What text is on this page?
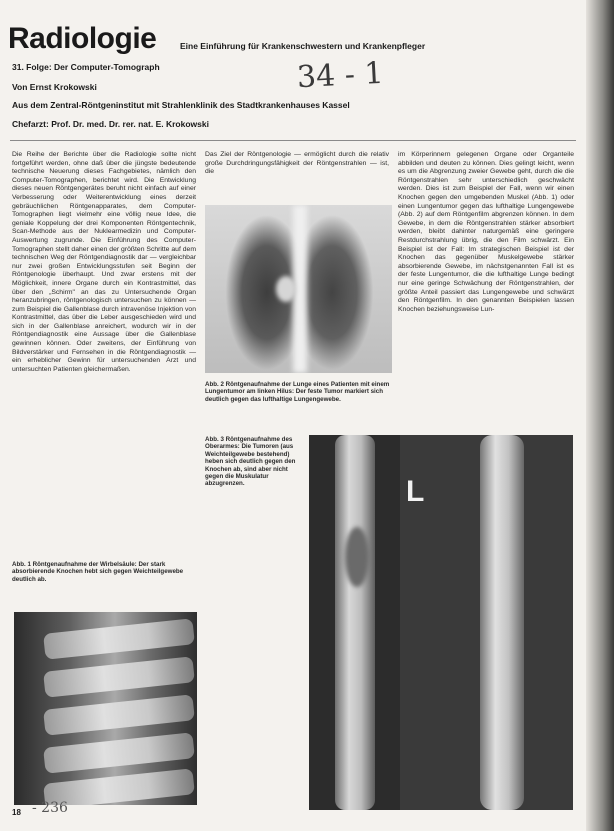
Radiologie	Eine Einführung für Krankenschwestern und Krankenpfleger
34 - 1
31. Folge: Der Computer-Tomograph
Von Ernst Krokowski
Aus dem Zentral-Röntgeninstitut mit Strahlenklinik des Stadtkrankenhauses Kassel
Chefarzt: Prof. Dr. med. Dr. rer. nat. E. Krokowski

Die Reihe der Berichte über die Radiologie sollte nicht fortgeführt werden, ohne daß über die jüngste bedeutende technische Neuerung dieses Fachgebietes, nämlich den Computer-Tomographen, berichtet wird. Die Entwicklung dieses neuen Röntgengerätes beruht nicht einfach auf einer Verbesserung oder Weiterentwicklung eines derzeit gebräuchlichen Röntgenapparates, dem Computer-Tomographen liegt vielmehr eine völlig neue Idee, die geniale Koppelung der drei Komponenten Röntgentechnik, Scan-Methode aus der Nuklearmedizin und Computer-Auswertung zugrunde. Die Einführung des Computer-Tomographen stellt daher einen der größten Schritte auf dem technischen Weg der Röntgendiagnostik dar — vergleichbar nur zwei großen Entwicklungsstufen seit Beginn der Röntgenologie überhaupt. Und zwar erstens mit der Möglichkeit, innere Organe durch ein Kontrastmittel, das über den „Schirm" an das zu Untersuchende Organ heranzubringen, röntgenologisch untersuchen zu können — zum Beispiel die Gallenblase durch intravenöse Injektion von Kontrastmittel, das über die Leber ausgeschieden wird und sich in der Gallenblase anreichert, wodurch wir in der Röntgendiagnostik eine Aussage über die Gallenblase gewinnen können. Oder zweitens, der Einführung von Bildverstärker und Fernsehen in die Röntgendiagnostik — ein erheblicher Gewinn für untersuchenden Arzt und untersuchten Patienten gleichermaßen.

Das Ziel der Röntgenologie — ermöglicht durch die relativ große Durchdringungsfähigkeit der Röntgenstrahlen — ist, die

im Körperinnern gelegenen Organe oder Organteile abbilden und deuten zu können. Dies gelingt leicht, wenn es um die Abgrenzung zweier Gewebe geht, durch die die Röntgenstrahlen sehr unterschiedlich geschwächt werden. Dies ist zum Beispiel der Fall, wenn wir einen Knochen gegen den umgebenden Muskel (Abb. 1) oder einen Lungentumor gegen das lufthaltige Lungengewebe (Abb. 2) auf dem Röntgenfilm abgrenzen können. In dem Gewebe, in dem die Röntgenstrahlen stärker absorbiert werden, bleibt dahinter naturgemäß eine geringere Restdurchstrahlung übrig, die den Film schwärzt. Ein Beispiel ist der Fall: Im strategischen Beispiel ist der Knochen das gegenüber Muskelgewebe stärker absorbierende Gewebe, im nächstgenannten Fall ist es der feste Lungentumor, die die lufthaltige Lunge bedingt nur eine geringe Schwächung der Röntgenstrahlen, der größte Anteil passiert das Lungengewebe und schwärzt den Röntgenfilm. In den genannten Beispielen lassen Knochen beziehungsweise Lun-

Abb. 2 Röntgenaufnahme der Lunge eines Patienten mit einem Lungentumor am linken Hilus: Der feste Tumor markiert sich deutlich gegen das lufthaltige Lungengewebe.
Abb. 3 Röntgenaufnahme des Oberarmes: Die Tumoren (aus Weichteilgewebe bestehend) heben sich deutlich gegen den Knochen ab, sind aber nicht gegen die Muskulatur abzugrenzen.
Abb. 1 Röntgenaufnahme der Wirbelsäule: Der stark absorbierende Knochen hebt sich gegen Weichteilgewebe deutlich ab.
L
18 - 236
